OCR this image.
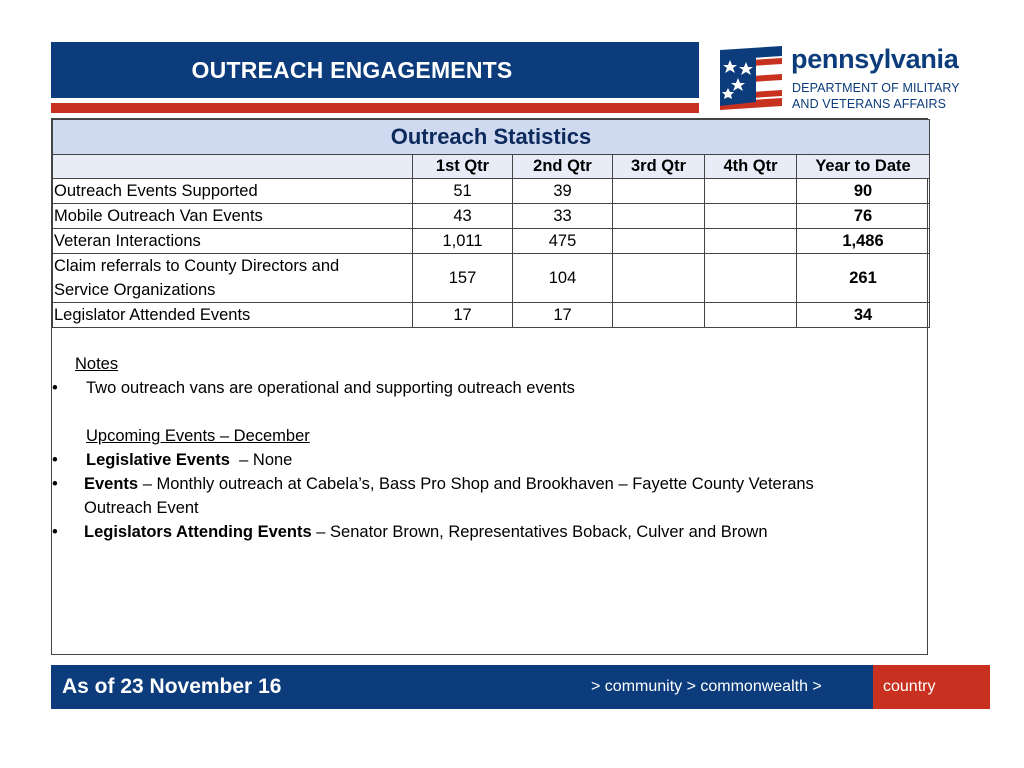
OUTREACH ENGAGEMENTS	pennsylvania
DEPARTMENT OF MILITARY
AND VETERANS AFFAIRS
Outreach Statistics					
	1st Qtr	2nd Qtr	3rd Qtr	4th Qtr	Year to Date
Outreach Events Supported	51	39			90
Mobile Outreach Van Events	43	33			76
Veteran Interactions	1,011	475			1,486
Claim referrals to County Directors and
Service Organizations	157	104			261
Legislator Attended Events	17	17			34
Notes
• Two outreach vans are operational and supporting outreach events
Upcoming Events – December
• Legislative Events – None
• Events – Monthly outreach at Cabela’s, Bass Pro Shop and Brookhaven – Fayette County Veterans
Outreach Event
• Legislators Attending Events – Senator Brown, Representatives Boback, Culver and Brown
As of 23 November 16	> community > commonwealth >	country
